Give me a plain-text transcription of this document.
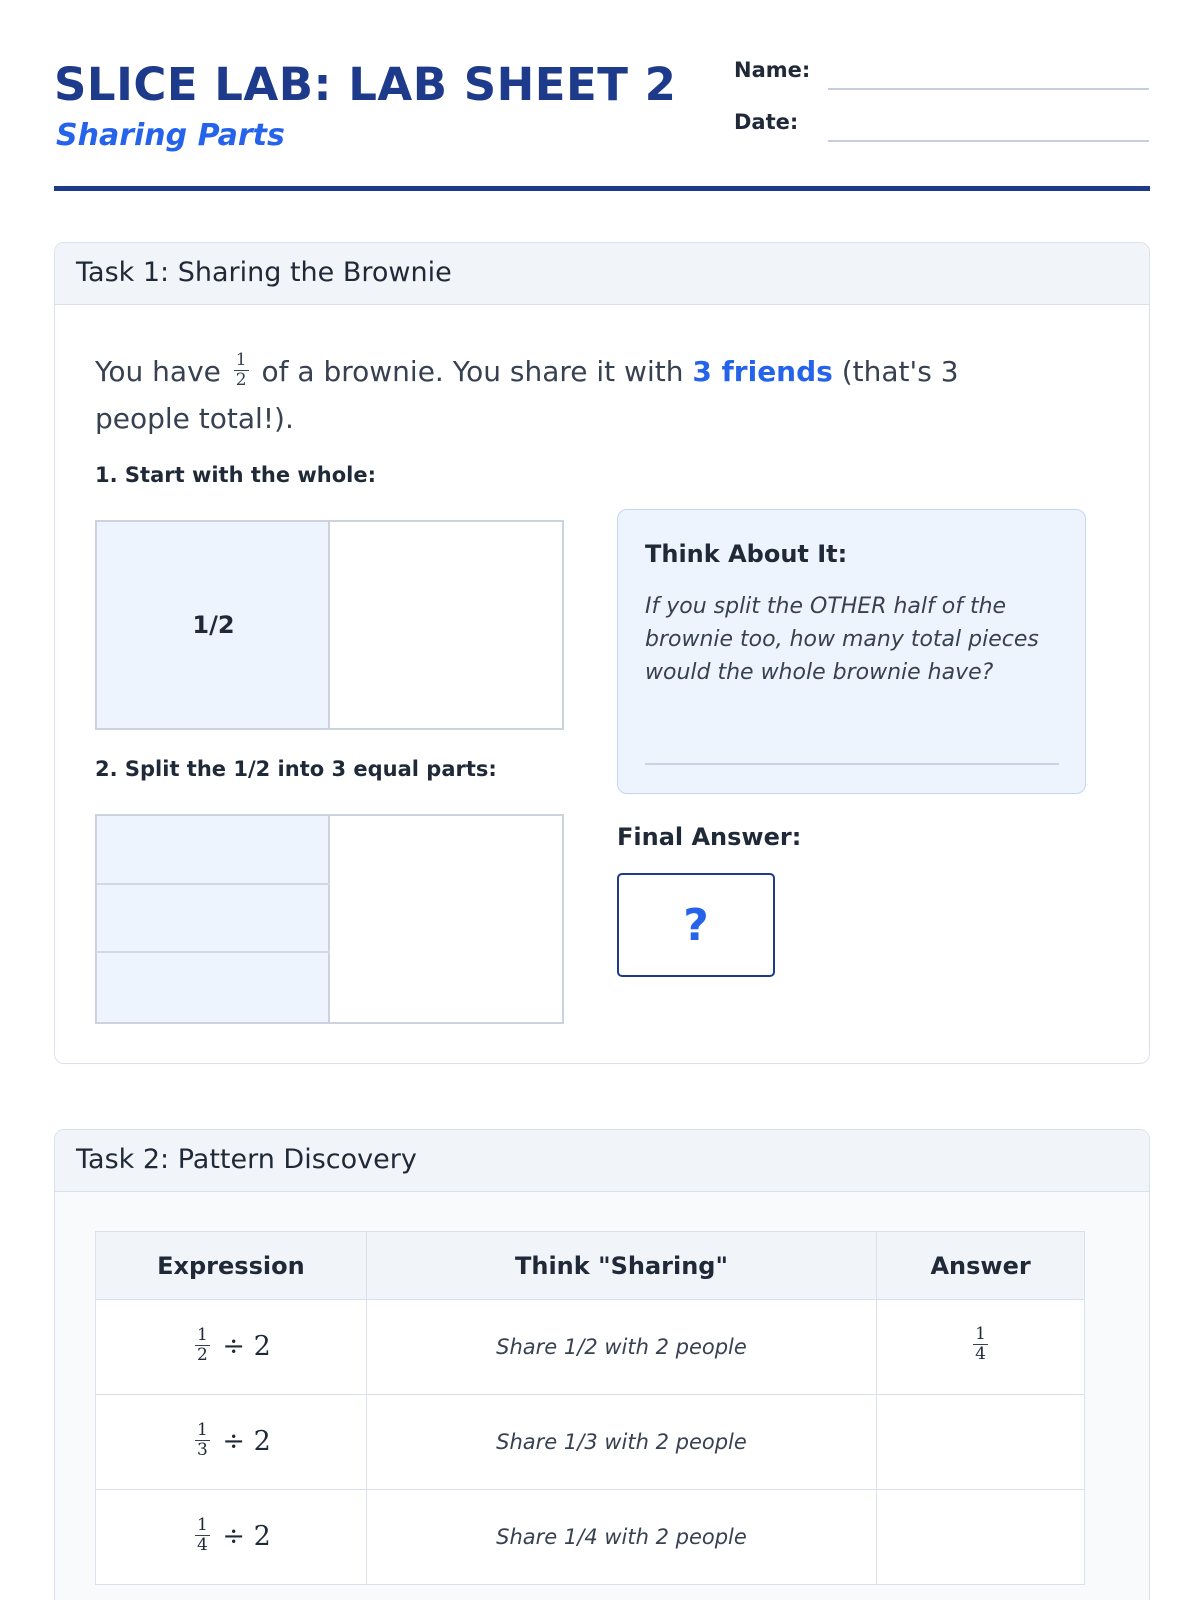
SLICE LAB: LAB SHEET 2
Sharing Parts
Name:
Date:
Task 1: Sharing the Brownie
You have $\frac{1}{2}$ of a brownie. You share it with 3 friends (that's 3 people total!).
1. Start with the whole:
1/2
2. Split the 1/2 into 3 equal parts:
Think About It:
If you split the OTHER half of the brownie too, how many total pieces would the whole brownie have?
Final Answer:
?
Task 2: Pattern Discovery
Expression	Think "Sharing"	Answer

$\frac{1}{2} \div 2$	Share 1/2 with 2 people	$\frac{1}{4}$

$\frac{1}{3} \div 2$	Share 1/3 with 2 people	

$\frac{1}{4} \div 2$	Share 1/4 with 2 people	
